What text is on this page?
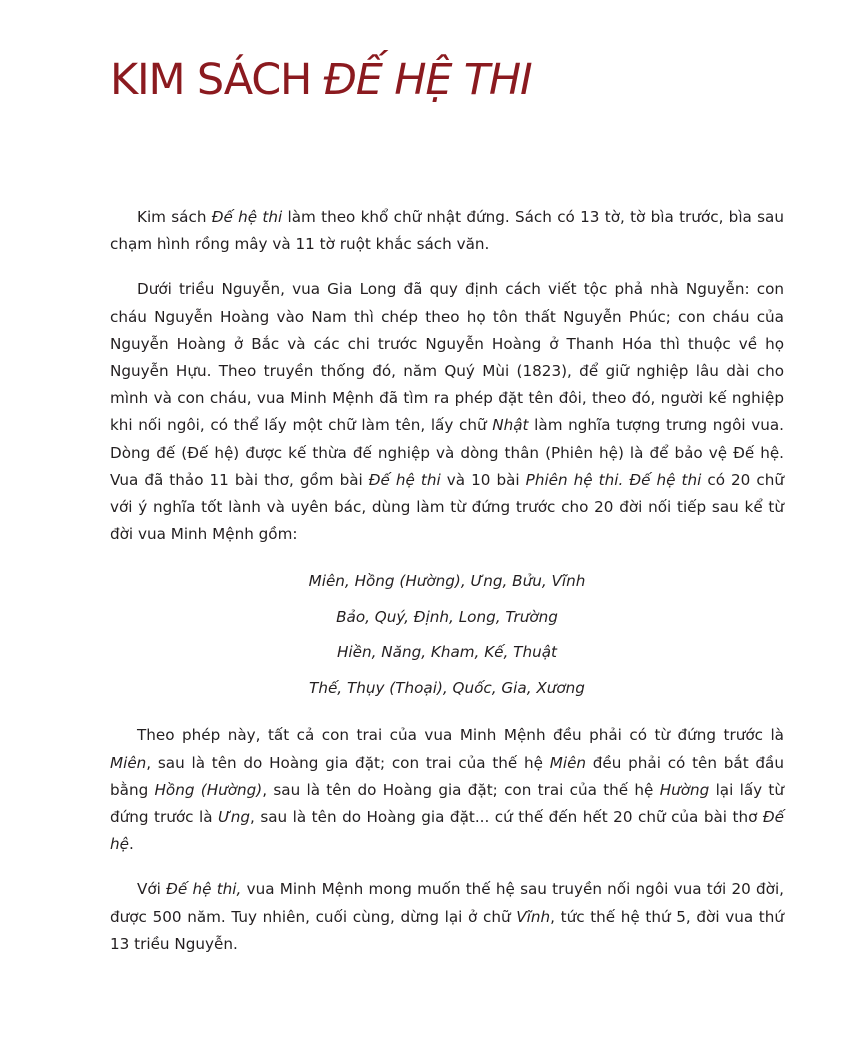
KIM SÁCH ĐẾ HỆ THI

Kim sách Đế hệ thi làm theo khổ chữ nhật đứng. Sách có 13 tờ, tờ bìa trước, bìa sau chạm hình rồng mây và 11 tờ ruột khắc sách văn.

Dưới triều Nguyễn, vua Gia Long đã quy định cách viết tộc phả nhà Nguyễn: con cháu Nguyễn Hoàng vào Nam thì chép theo họ tôn thất Nguyễn Phúc; con cháu của Nguyễn Hoàng ở Bắc và các chi trước Nguyễn Hoàng ở Thanh Hóa thì thuộc về họ Nguyễn Hựu. Theo truyền thống đó, năm Quý Mùi (1823), để giữ nghiệp lâu dài cho mình và con cháu, vua Minh Mệnh đã tìm ra phép đặt tên đôi, theo đó, người kế nghiệp khi nối ngôi, có thể lấy một chữ làm tên, lấy chữ Nhật làm nghĩa tượng trưng ngôi vua. Dòng đế (Đế hệ) được kế thừa đế nghiệp và dòng thân (Phiên hệ) là để bảo vệ Đế hệ. Vua đã thảo 11 bài thơ, gồm bài Đế hệ thi và 10 bài Phiên hệ thi. Đế hệ thi có 20 chữ với ý nghĩa tốt lành và uyên bác, dùng làm từ đứng trước cho 20 đời nối tiếp sau kể từ đời vua Minh Mệnh gồm:

Miên, Hồng (Hường), Ưng, Bửu, Vĩnh
Bảo, Quý, Định, Long, Trường
Hiền, Năng, Kham, Kế, Thuật
Thế, Thụy (Thoại), Quốc, Gia, Xương

Theo phép này, tất cả con trai của vua Minh Mệnh đều phải có từ đứng trước là Miên, sau là tên do Hoàng gia đặt; con trai của thế hệ Miên đều phải có tên bắt đầu bằng Hồng (Hường), sau là tên do Hoàng gia đặt; con trai của thế hệ Hường lại lấy từ đứng trước là Ưng, sau là tên do Hoàng gia đặt... cứ thế đến hết 20 chữ của bài thơ Đế hệ.

Với Đế hệ thi, vua Minh Mệnh mong muốn thế hệ sau truyền nối ngôi vua tới 20 đời, được 500 năm. Tuy nhiên, cuối cùng, dừng lại ở chữ Vĩnh, tức thế hệ thứ 5, đời vua thứ 13 triều Nguyễn.
